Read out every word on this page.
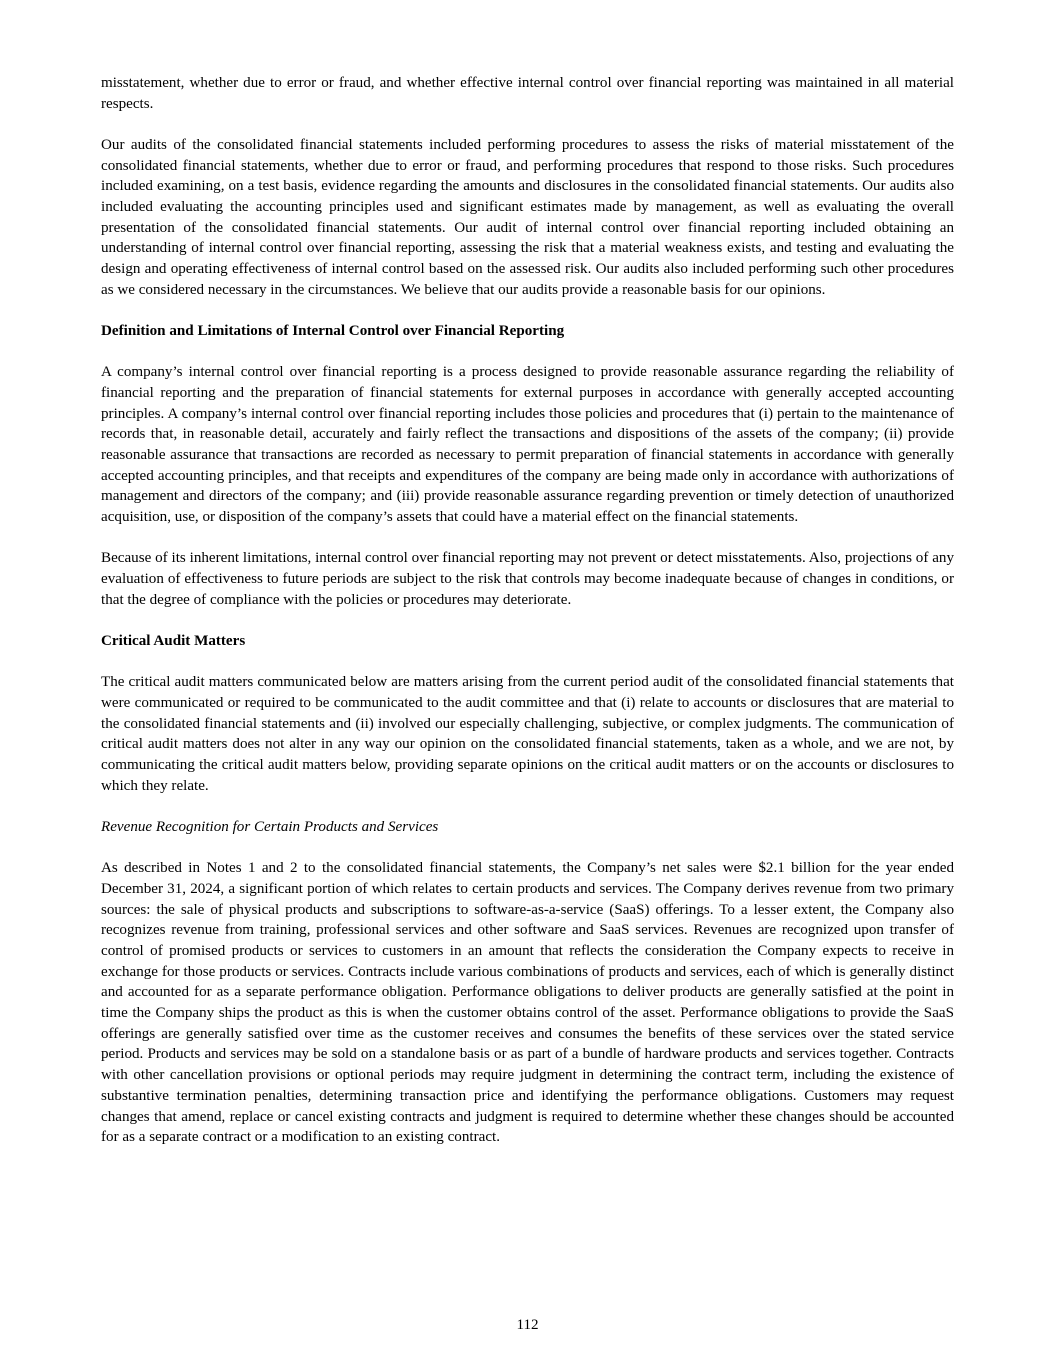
misstatement, whether due to error or fraud, and whether effective internal control over financial reporting was maintained in all material respects.

Our audits of the consolidated financial statements included performing procedures to assess the risks of material misstatement of the consolidated financial statements, whether due to error or fraud, and performing procedures that respond to those risks. Such procedures included examining, on a test basis, evidence regarding the amounts and disclosures in the consolidated financial statements. Our audits also included evaluating the accounting principles used and significant estimates made by management, as well as evaluating the overall presentation of the consolidated financial statements. Our audit of internal control over financial reporting included obtaining an understanding of internal control over financial reporting, assessing the risk that a material weakness exists, and testing and evaluating the design and operating effectiveness of internal control based on the assessed risk. Our audits also included performing such other procedures as we considered necessary in the circumstances. We believe that our audits provide a reasonable basis for our opinions.

Definition and Limitations of Internal Control over Financial Reporting

A company’s internal control over financial reporting is a process designed to provide reasonable assurance regarding the reliability of financial reporting and the preparation of financial statements for external purposes in accordance with generally accepted accounting principles. A company’s internal control over financial reporting includes those policies and procedures that (i) pertain to the maintenance of records that, in reasonable detail, accurately and fairly reflect the transactions and dispositions of the assets of the company; (ii) provide reasonable assurance that transactions are recorded as necessary to permit preparation of financial statements in accordance with generally accepted accounting principles, and that receipts and expenditures of the company are being made only in accordance with authorizations of management and directors of the company; and (iii) provide reasonable assurance regarding prevention or timely detection of unauthorized acquisition, use, or disposition of the company’s assets that could have a material effect on the financial statements.

Because of its inherent limitations, internal control over financial reporting may not prevent or detect misstatements. Also, projections of any evaluation of effectiveness to future periods are subject to the risk that controls may become inadequate because of changes in conditions, or that the degree of compliance with the policies or procedures may deteriorate.

Critical Audit Matters

The critical audit matters communicated below are matters arising from the current period audit of the consolidated financial statements that were communicated or required to be communicated to the audit committee and that (i) relate to accounts or disclosures that are material to the consolidated financial statements and (ii) involved our especially challenging, subjective, or complex judgments. The communication of critical audit matters does not alter in any way our opinion on the consolidated financial statements, taken as a whole, and we are not, by communicating the critical audit matters below, providing separate opinions on the critical audit matters or on the accounts or disclosures to which they relate.

Revenue Recognition for Certain Products and Services

As described in Notes 1 and 2 to the consolidated financial statements, the Company’s net sales were $2.1 billion for the year ended December 31, 2024, a significant portion of which relates to certain products and services. The Company derives revenue from two primary sources: the sale of physical products and subscriptions to software-as-a-service (SaaS) offerings. To a lesser extent, the Company also recognizes revenue from training, professional services and other software and SaaS services. Revenues are recognized upon transfer of control of promised products or services to customers in an amount that reflects the consideration the Company expects to receive in exchange for those products or services. Contracts include various combinations of products and services, each of which is generally distinct and accounted for as a separate performance obligation. Performance obligations to deliver products are generally satisfied at the point in time the Company ships the product as this is when the customer obtains control of the asset. Performance obligations to provide the SaaS offerings are generally satisfied over time as the customer receives and consumes the benefits of these services over the stated service period. Products and services may be sold on a standalone basis or as part of a bundle of hardware products and services together. Contracts with other cancellation provisions or optional periods may require judgment in determining the contract term, including the existence of substantive termination penalties, determining transaction price and identifying the performance obligations. Customers may request changes that amend, replace or cancel existing contracts and judgment is required to determine whether these changes should be accounted for as a separate contract or a modification to an existing contract.

112
